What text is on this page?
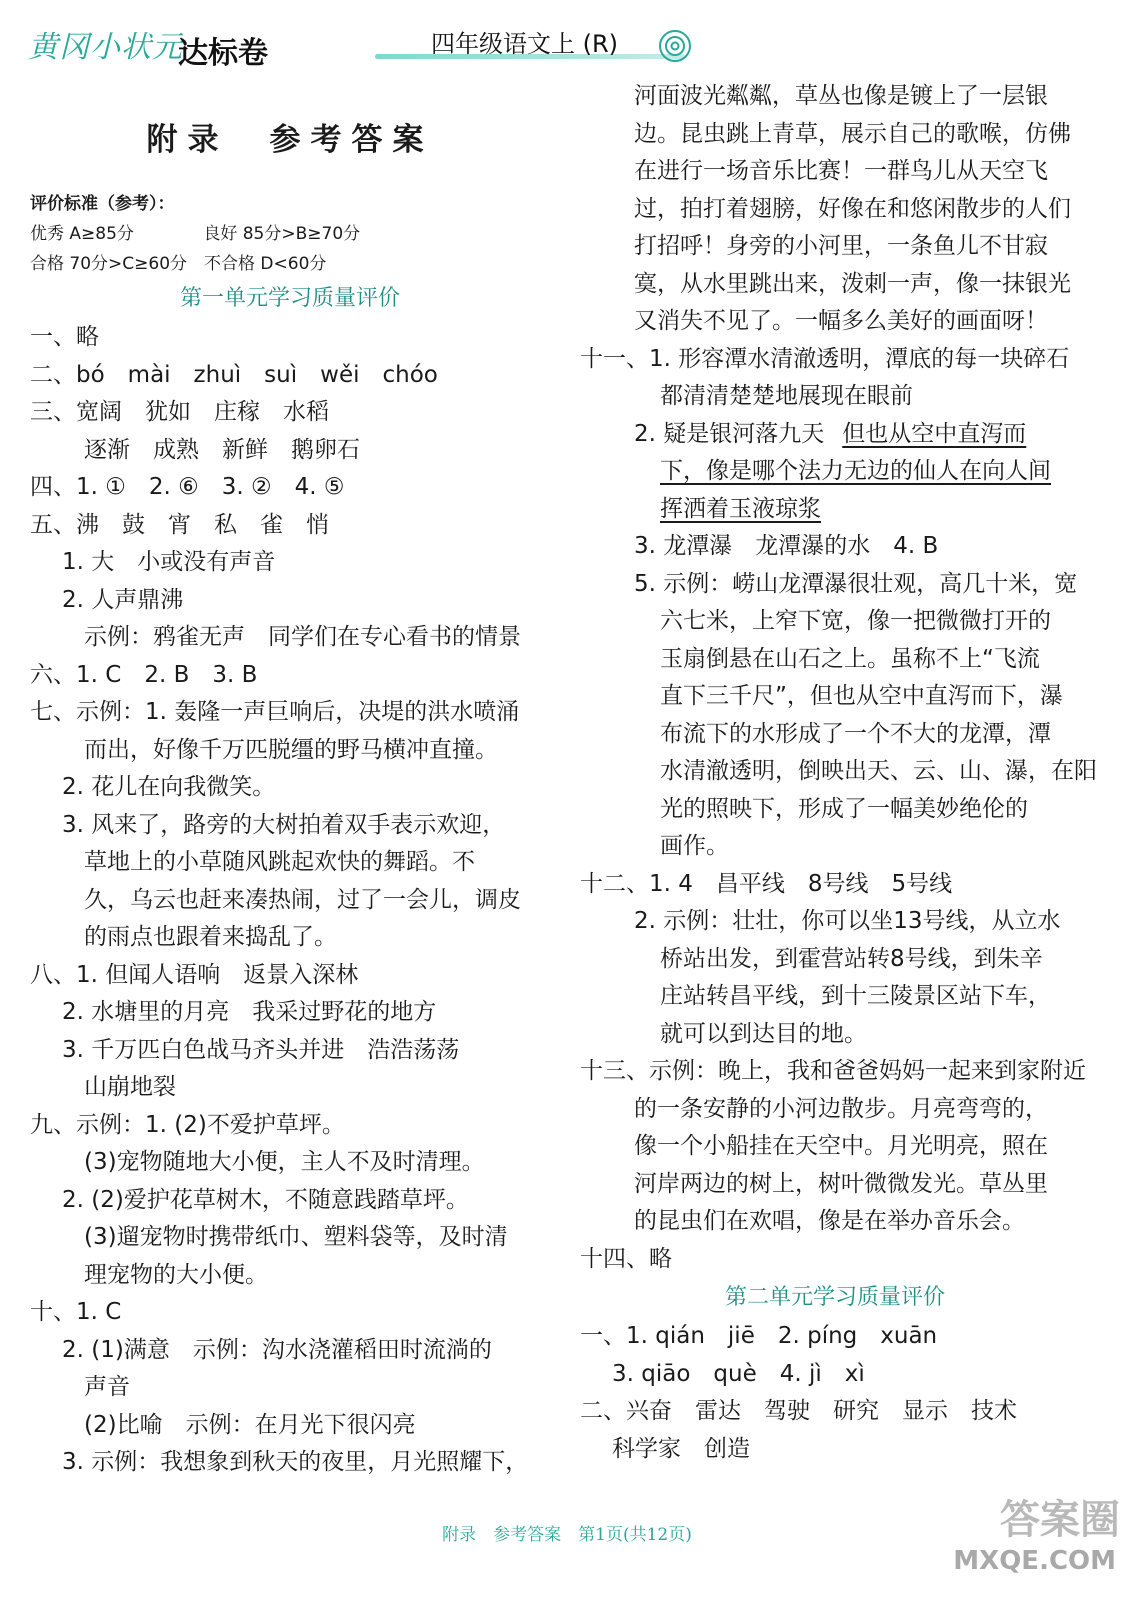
黄冈小状元
达标卷	四年级语文上 (R)
附录　参考答案
评价标准（参考）：
优秀 A≥85分	良好 85分>B≥70分
合格 70分>C≥60分　不合格 D<60分
第一单元学习质量评价
一、略
二、bó　mài　zhuì　suì　wěi　chóo
三、宽阔　犹如　庄稼　水稻
逐渐　成熟　新鲜　鹅卵石
四、1. ①　2. ⑥　3. ②　4. ⑤
五、沸　鼓　宵　私　雀　悄
1. 大　小或没有声音
2. 人声鼎沸
示例：鸦雀无声　同学们在专心看书的情景
六、1. C　2. B　3. B
七、示例：1. 轰隆一声巨响后，决堤的洪水喷涌
而出，好像千万匹脱缰的野马横冲直撞。
2. 花儿在向我微笑。
3. 风来了，路旁的大树拍着双手表示欢迎，
草地上的小草随风跳起欢快的舞蹈。不
久，乌云也赶来凑热闹，过了一会儿，调皮
的雨点也跟着来捣乱了。
八、1. 但闻人语响　返景入深林
2. 水塘里的月亮　我采过野花的地方
3. 千万匹白色战马齐头并进　浩浩荡荡
山崩地裂
九、示例：1. (2)不爱护草坪。
(3)宠物随地大小便，主人不及时清理。
2. (2)爱护花草树木，不随意践踏草坪。
(3)遛宠物时携带纸巾、塑料袋等，及时清
理宠物的大小便。
十、1. C
2. (1)满意　示例：沟水浇灌稻田时流淌的
声音
(2)比喻　示例：在月光下很闪亮
3. 示例：我想象到秋天的夜里，月光照耀下，
河面波光粼粼，草丛也像是镀上了一层银
边。昆虫跳上青草，展示自己的歌喉，仿佛
在进行一场音乐比赛！一群鸟儿从天空飞
过，拍打着翅膀，好像在和悠闲散步的人们
打招呼！身旁的小河里，一条鱼儿不甘寂
寞，从水里跳出来，泼刺一声，像一抹银光
又消失不见了。一幅多么美好的画面呀！
十一、1. 形容潭水清澈透明，潭底的每一块碎石
都清清楚楚地展现在眼前
2. 疑是银河落九天 但也从空中直泻而
下，像是哪个法力无边的仙人在向人间
挥洒着玉液琼浆
3. 龙潭瀑　龙潭瀑的水　4. B
5. 示例：崂山龙潭瀑很壮观，高几十米，宽
六七米，上窄下宽，像一把微微打开的
玉扇倒悬在山石之上。虽称不上“飞流
直下三千尺”，但也从空中直泻而下，瀑
布流下的水形成了一个不大的龙潭，潭
水清澈透明，倒映出天、云、山、瀑，在阳
光的照映下，形成了一幅美妙绝伦的
画作。
十二、1. 4　昌平线　8号线　5号线
2. 示例：壮壮，你可以坐13号线，从立水
桥站出发，到霍营站转8号线，到朱辛
庄站转昌平线，到十三陵景区站下车，
就可以到达目的地。
十三、示例：晚上，我和爸爸妈妈一起来到家附近
的一条安静的小河边散步。月亮弯弯的，
像一个小船挂在天空中。月光明亮，照在
河岸两边的树上，树叶微微发光。草丛里
的昆虫们在欢唱，像是在举办音乐会。
十四、略
第二单元学习质量评价
一、1. qián　jiē　2. píng　xuān
3. qiāo　què　4. jì　xì
二、兴奋　雷达　驾驶　研究　显示　技术
科学家　创造
附录　参考答案　第1页(共12页)	答案圈
MXQE.COM
